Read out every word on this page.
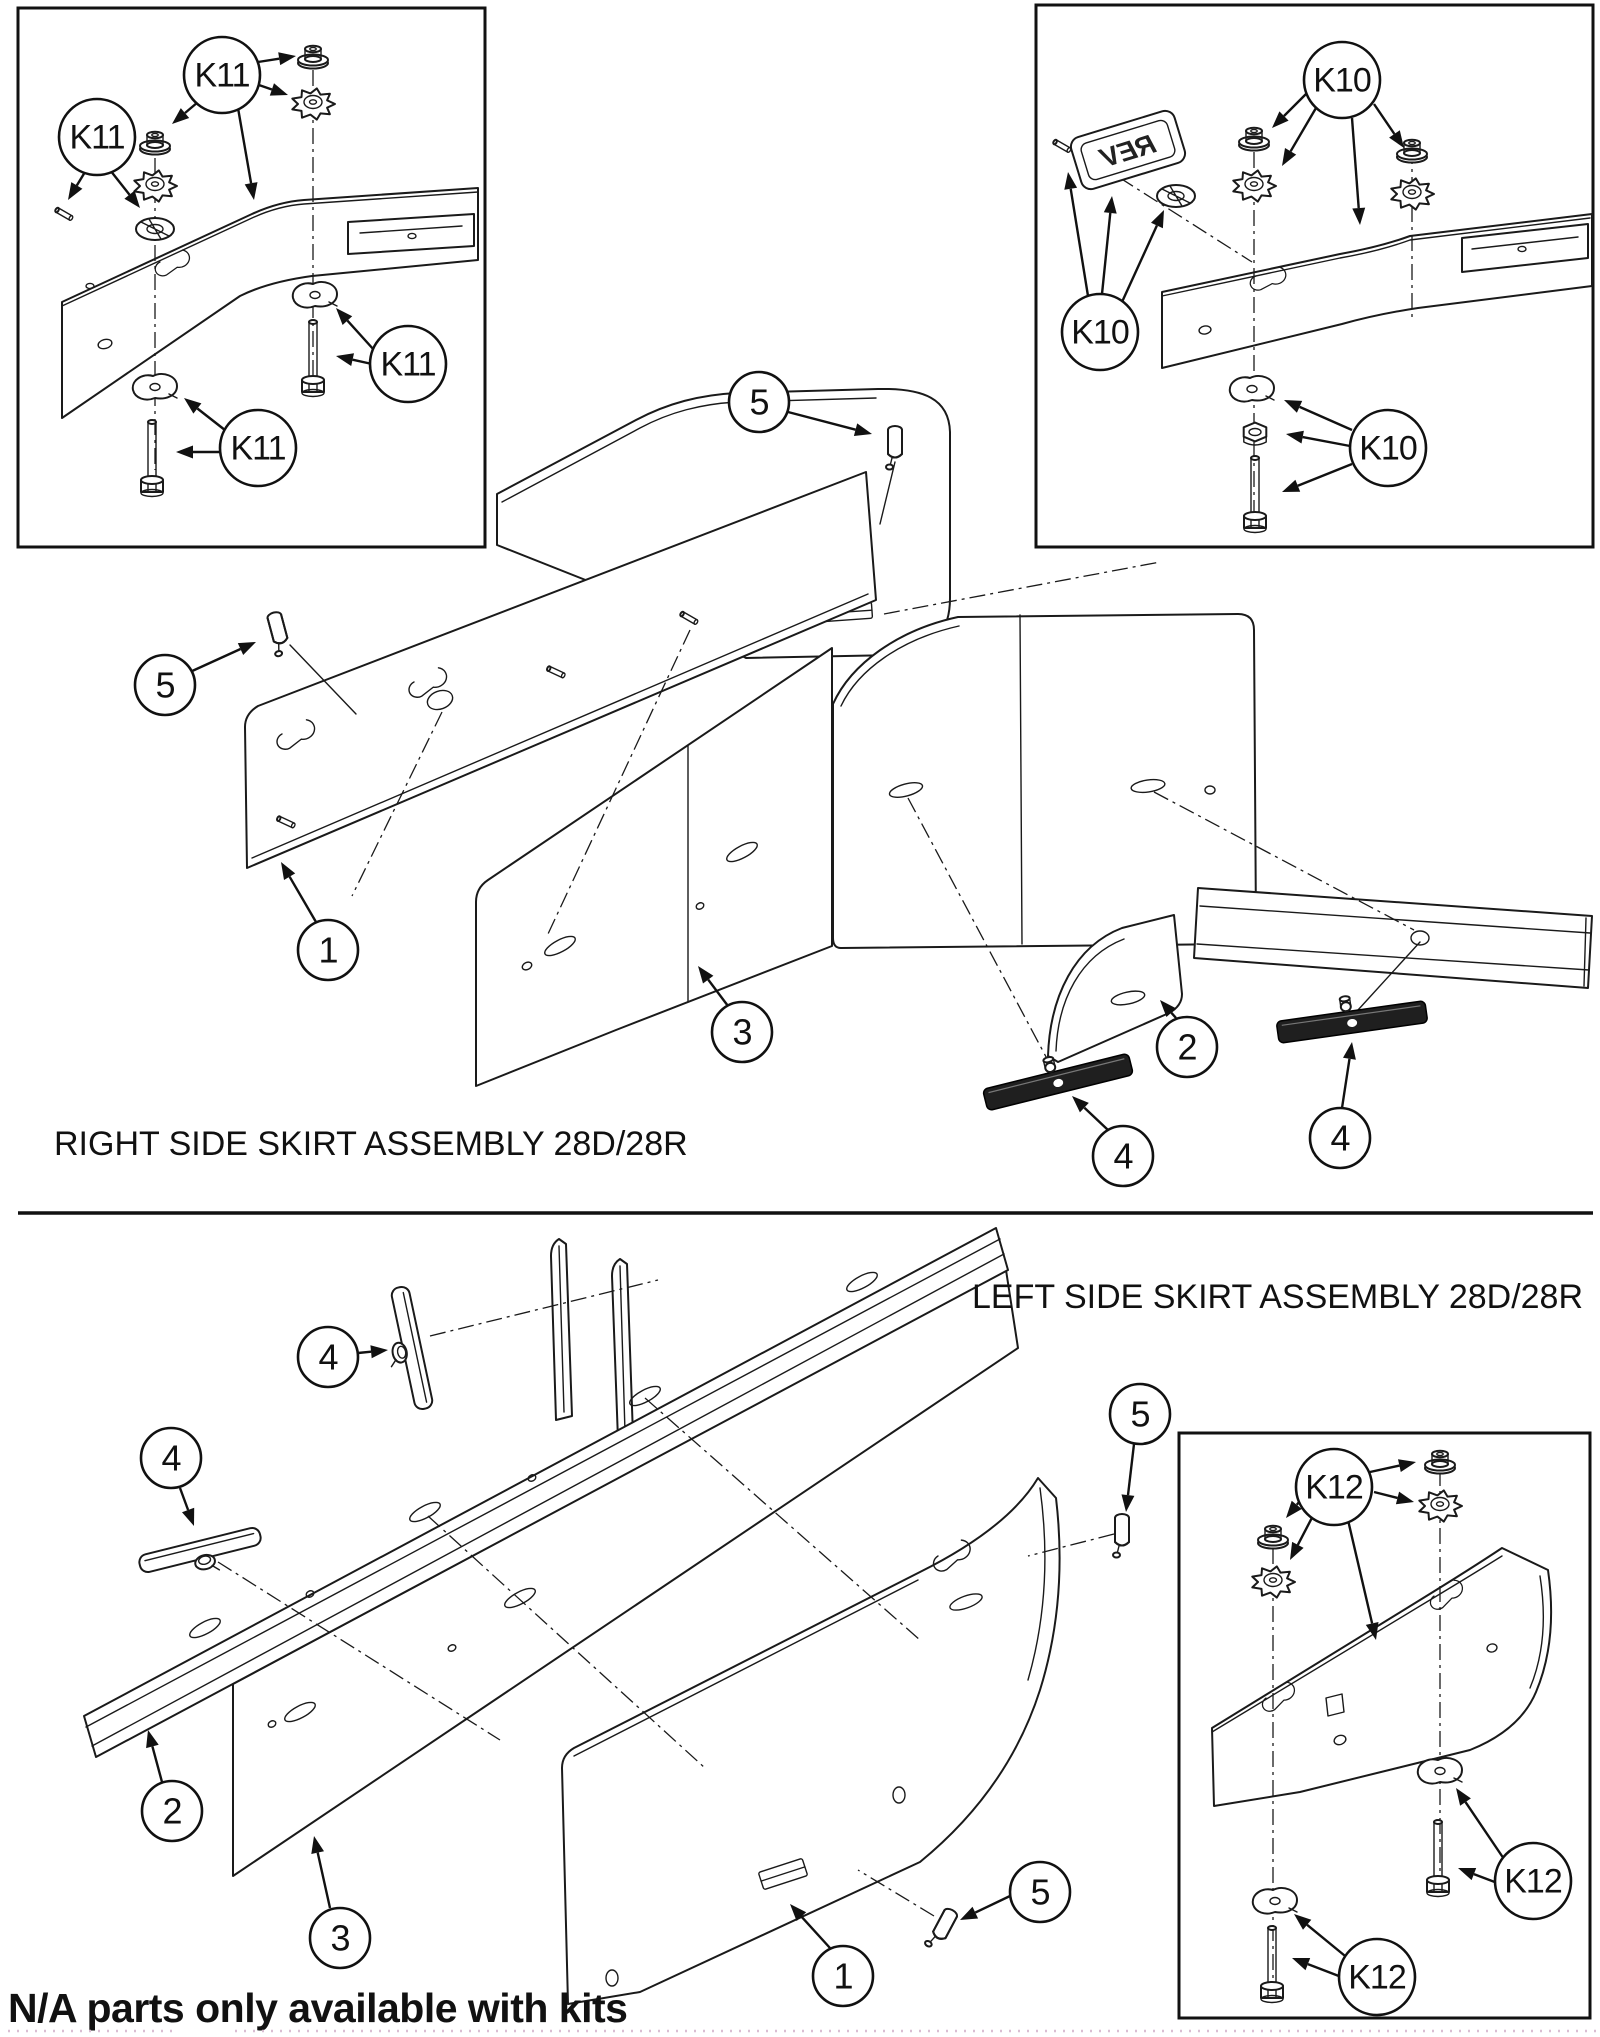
REV
K11
K11
K11
K11
K10
K10
K10
5
5
1
3	2
4	4
4
4
5
2
3
1
5
K12
K12
K12
RIGHT SIDE SKIRT ASSEMBLY 28D/28R
LEFT SIDE SKIRT ASSEMBLY 28D/28R
N/A parts only available with kits
